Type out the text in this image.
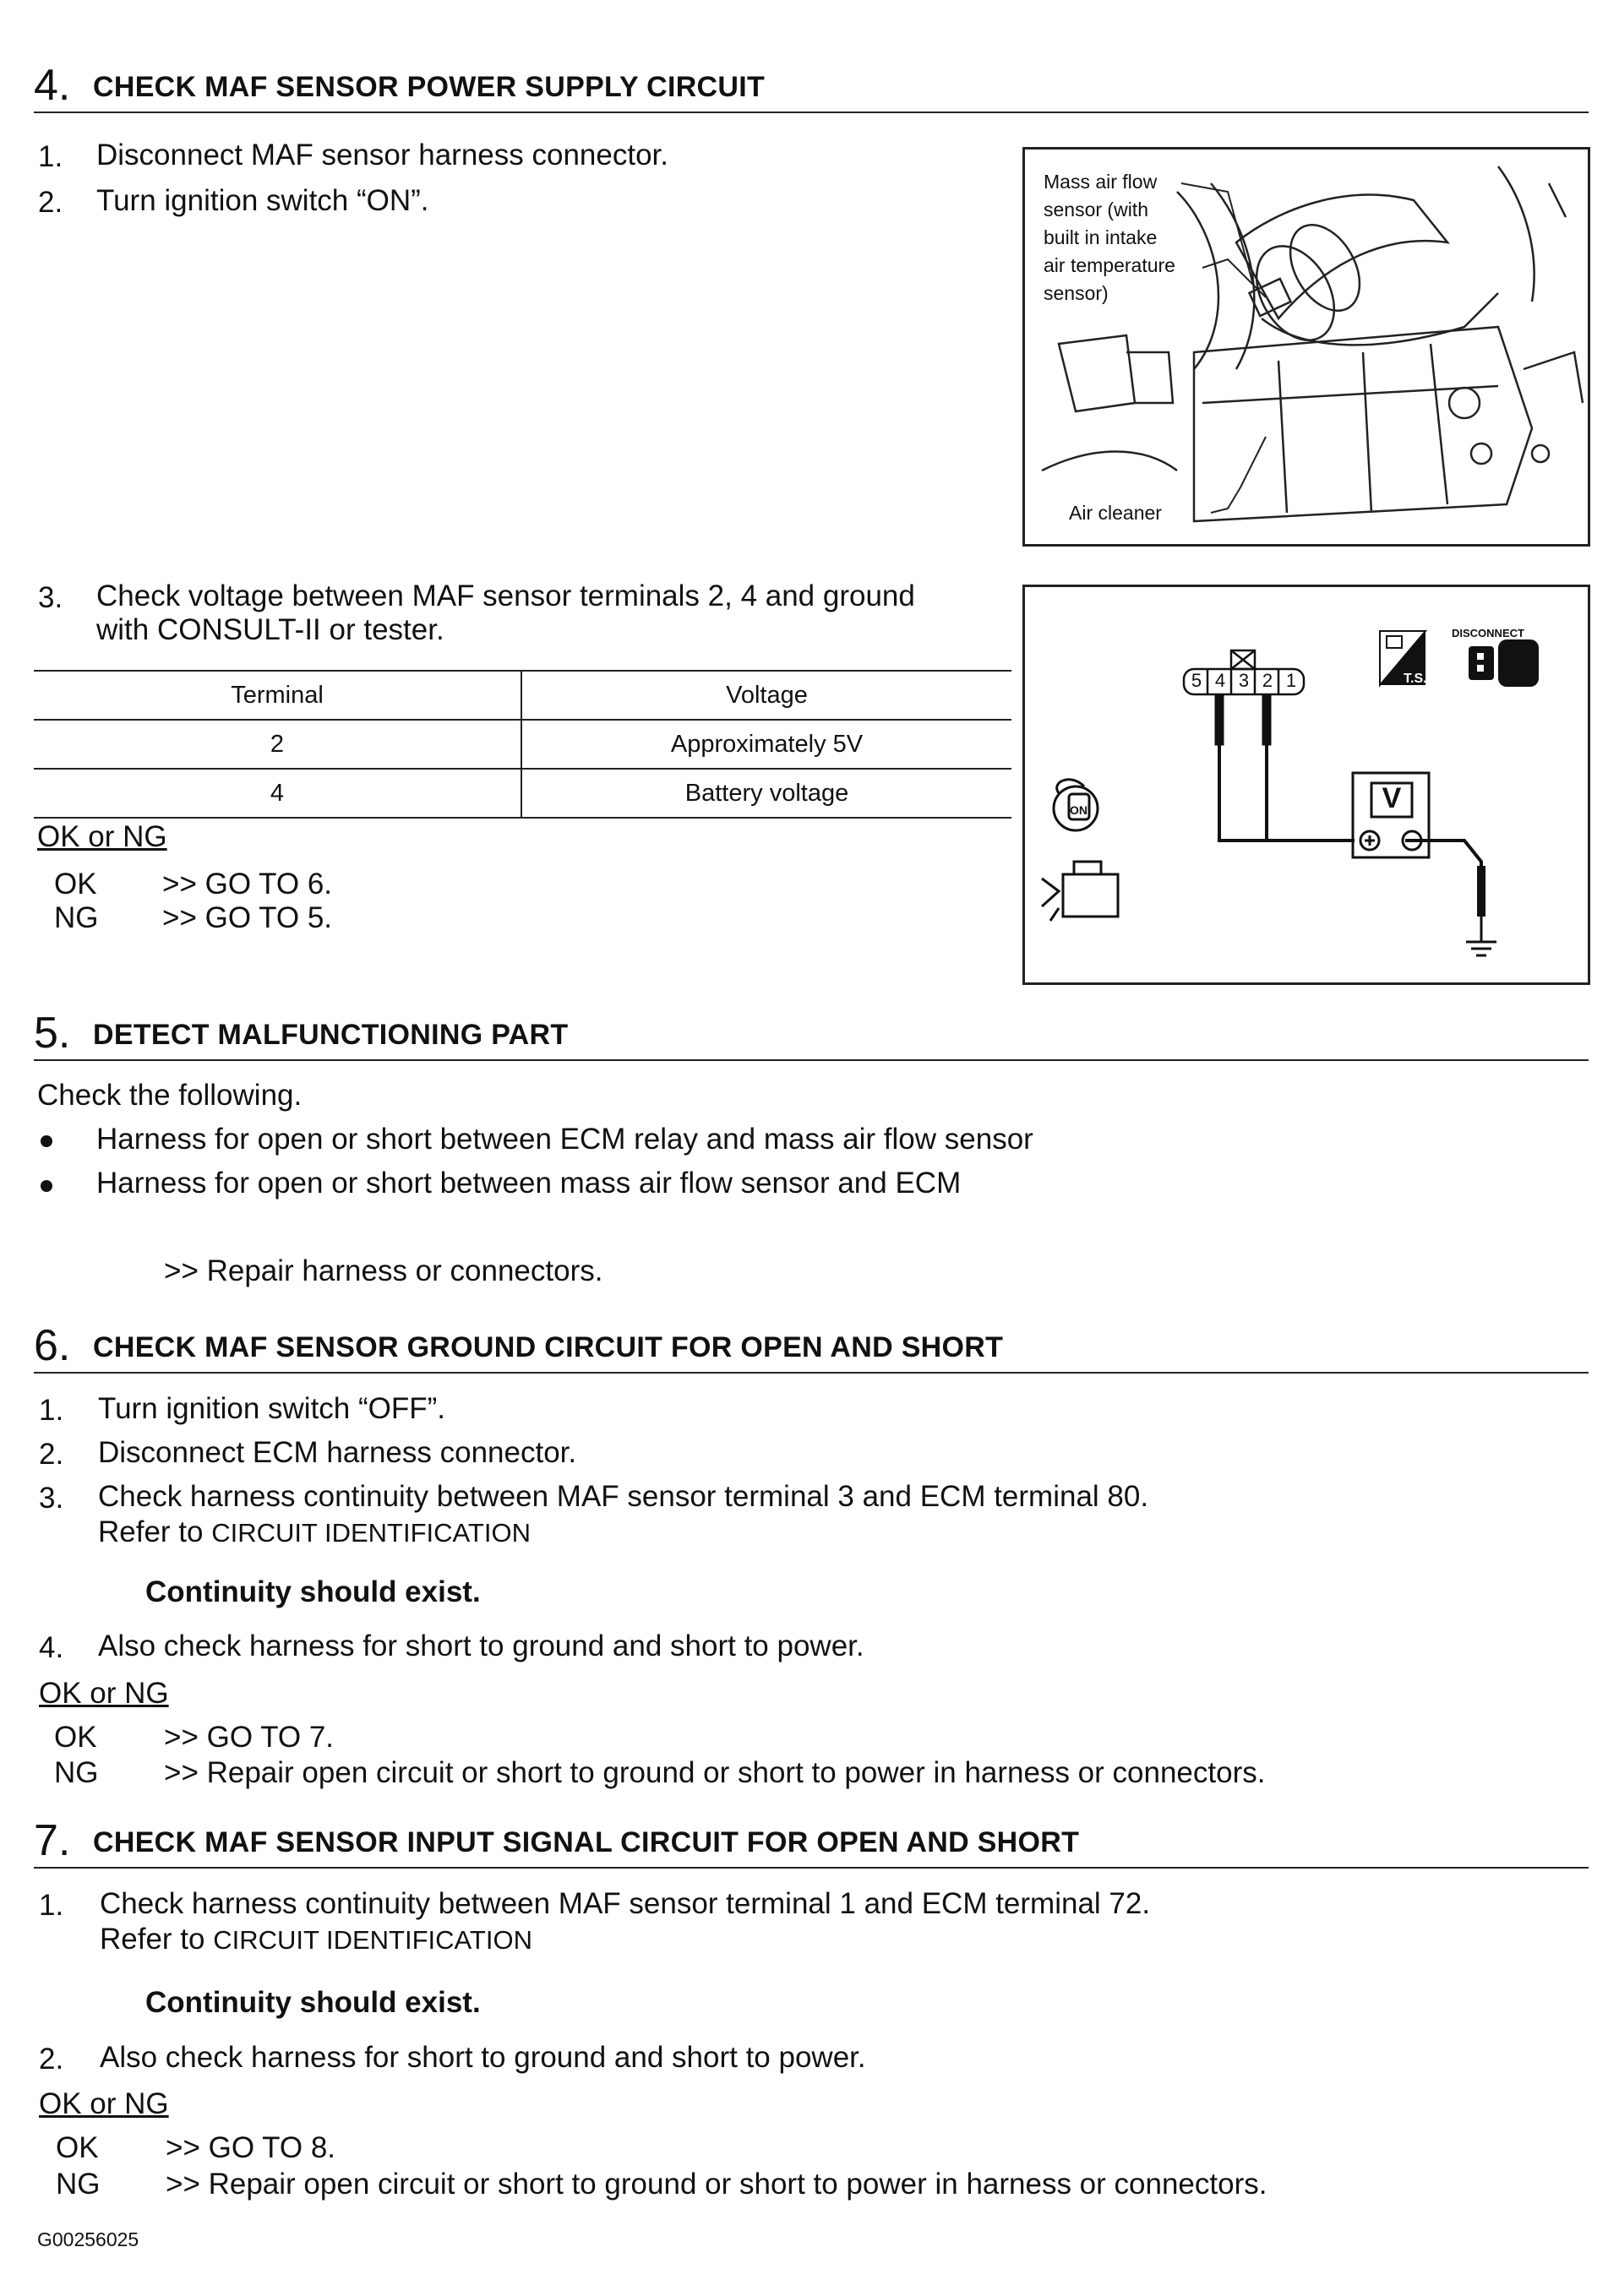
4. CHECK MAF SENSOR POWER SUPPLY CIRCUIT
1. Disconnect MAF sensor harness connector.
2. Turn ignition switch “ON”.
Mass air flow
sensor (with
built in intake
air temperature
sensor)
Air cleaner
3. Check voltage between MAF sensor terminals 2, 4 and ground
with CONSULT-II or tester.
Terminal	Voltage
2	Approximately 5V
4	Battery voltage
OK or NG
OK >> GO TO 6.
NG >> GO TO 5.
5 4 3 2 1
V
DISCONNECT
T.S.
ON
5. DETECT MALFUNCTIONING PART
Check the following.
Harness for open or short between ECM relay and mass air flow sensor
Harness for open or short between mass air flow sensor and ECM
>> Repair harness or connectors.
6. CHECK MAF SENSOR GROUND CIRCUIT FOR OPEN AND SHORT
1. Turn ignition switch “OFF”.
2. Disconnect ECM harness connector.
3. Check harness continuity between MAF sensor terminal 3 and ECM terminal 80.
Refer to CIRCUIT IDENTIFICATION
Continuity should exist.
4. Also check harness for short to ground and short to power.
OK or NG
OK >> GO TO 7.
NG >> Repair open circuit or short to ground or short to power in harness or connectors.
7. CHECK MAF SENSOR INPUT SIGNAL CIRCUIT FOR OPEN AND SHORT
1. Check harness continuity between MAF sensor terminal 1 and ECM terminal 72.
Refer to CIRCUIT IDENTIFICATION
Continuity should exist.
2. Also check harness for short to ground and short to power.
OK or NG
OK >> GO TO 8.
NG >> Repair open circuit or short to ground or short to power in harness or connectors.
G00256025
